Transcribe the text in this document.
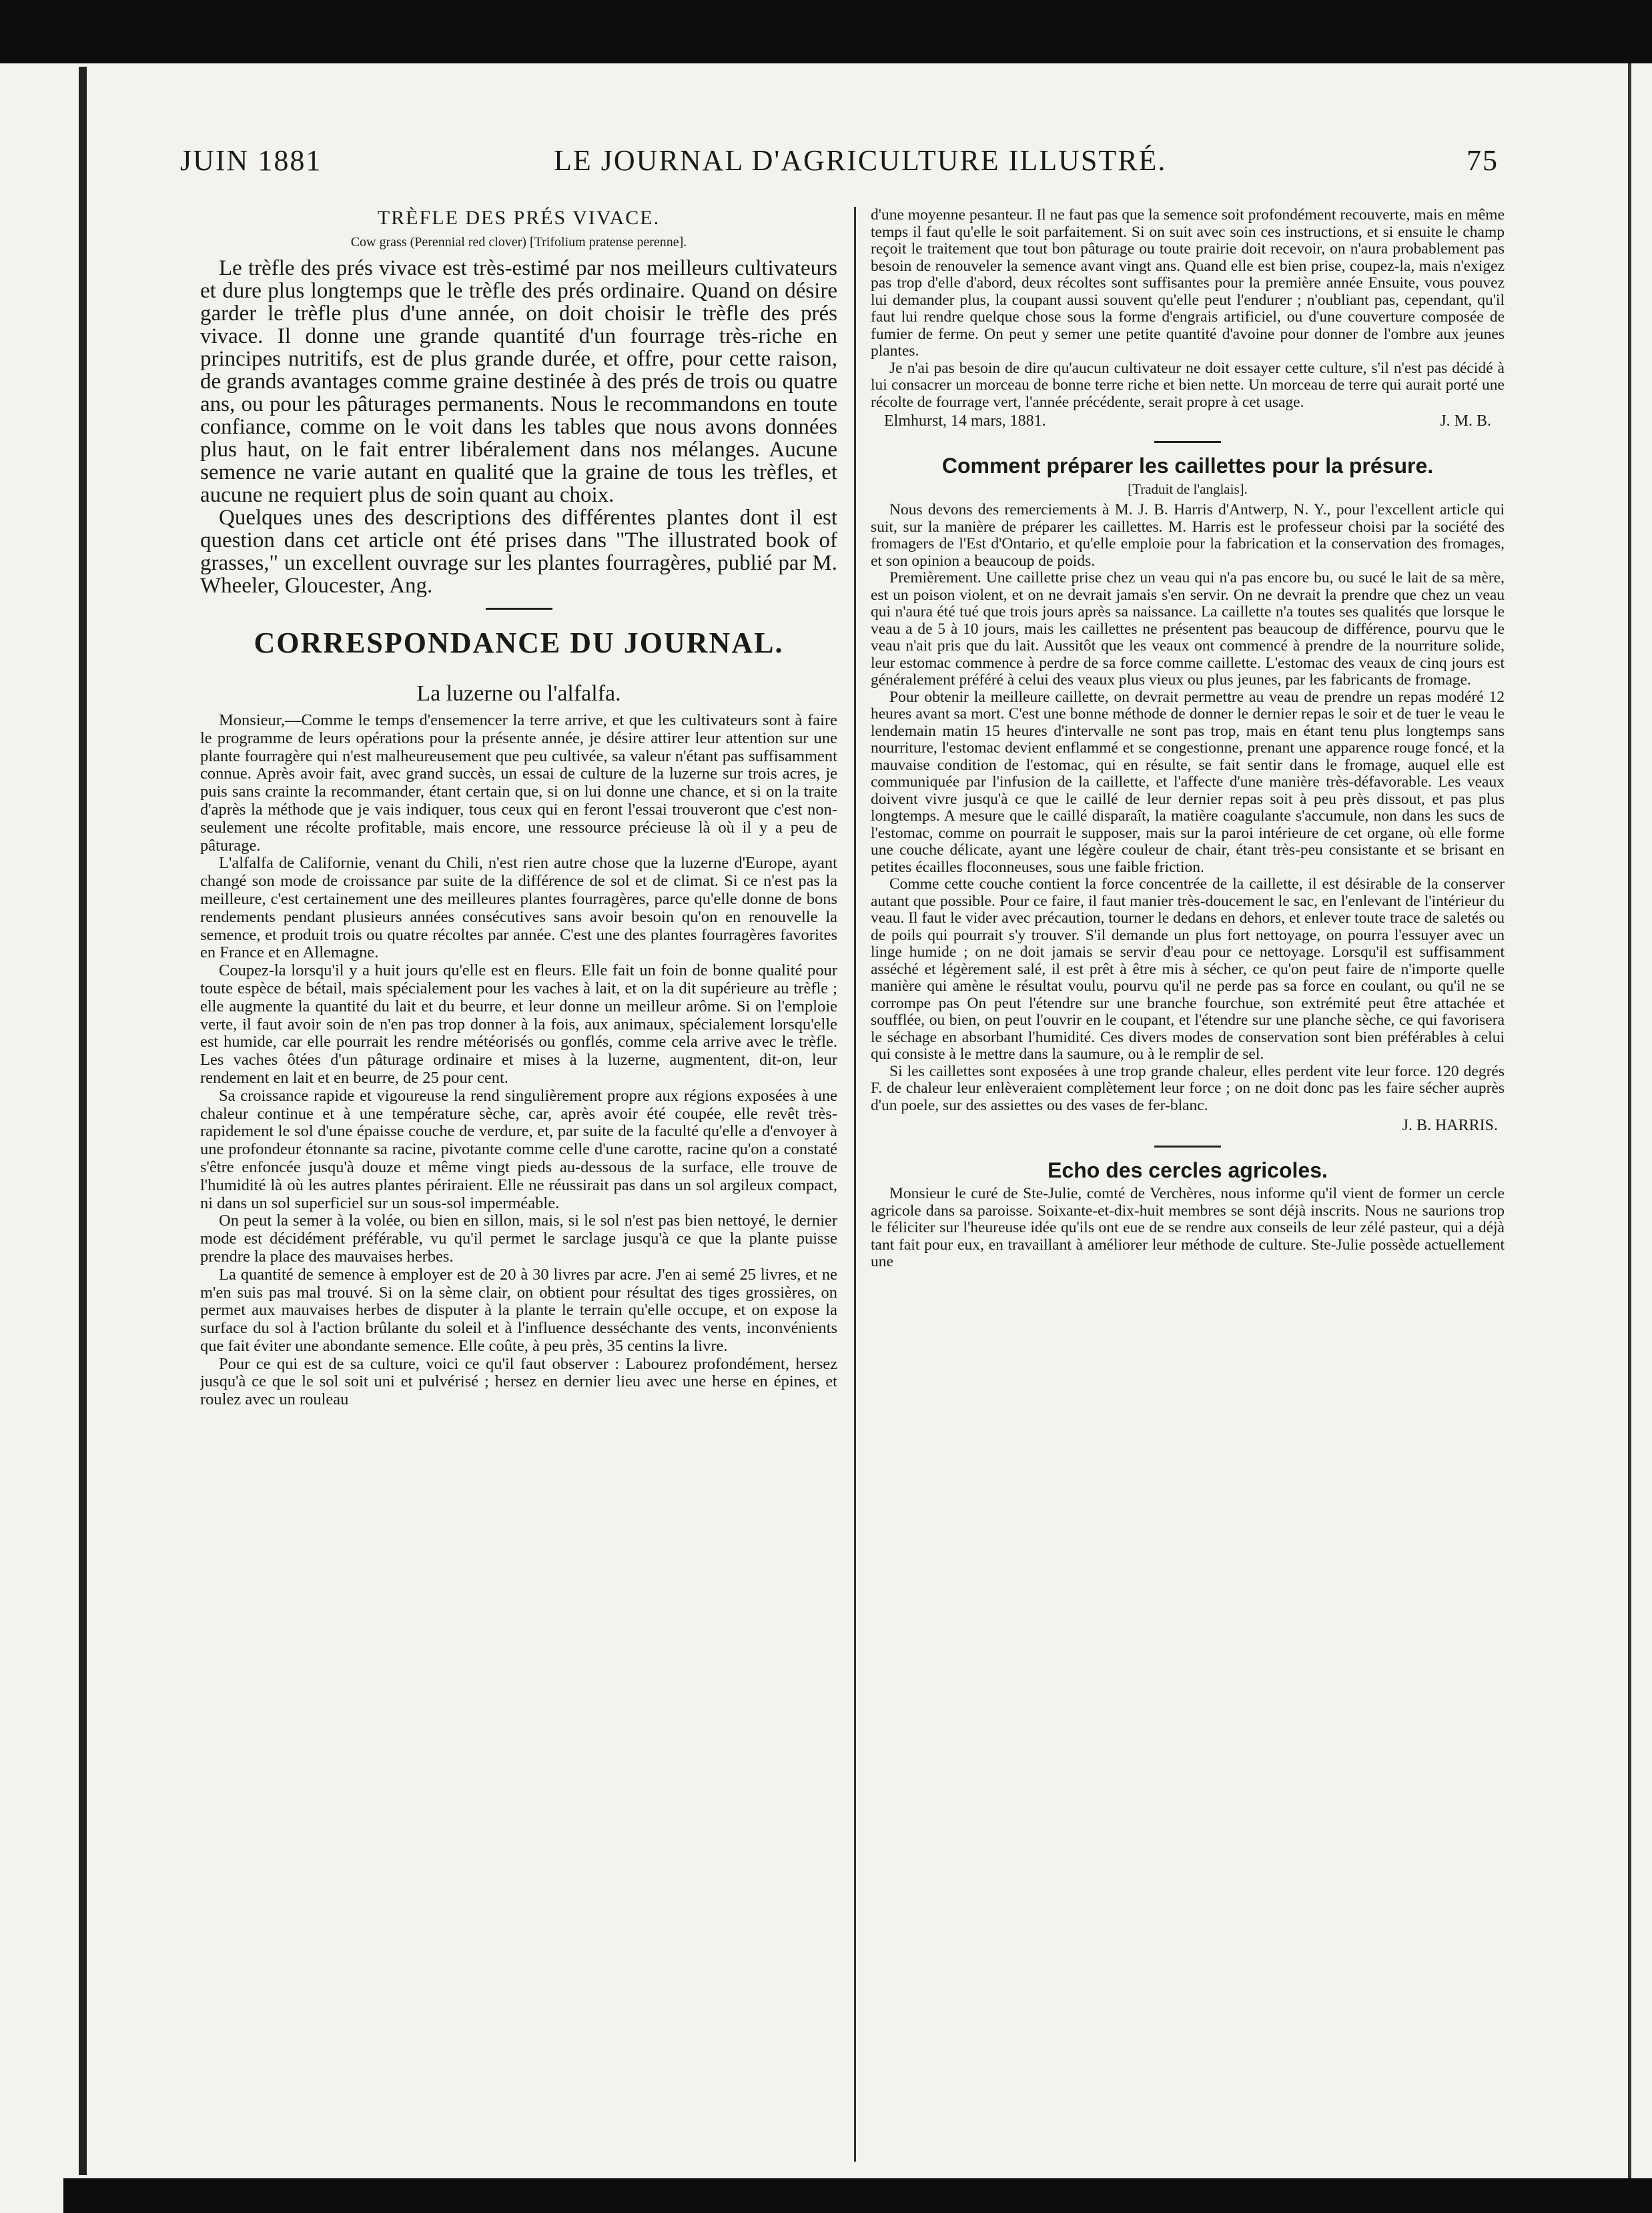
JUIN 1881	LE JOURNAL D'AGRICULTURE ILLUSTRÉ.	75
TRÈFLE DES PRÉS VIVACE.
Cow grass (Perennial red clover) [Trifolium pratense perenne].

Le trèfle des prés vivace est très-estimé par nos meilleurs cultivateurs et dure plus longtemps que le trèfle des prés ordinaire. Quand on désire garder le trèfle plus d'une année, on doit choisir le trèfle des prés vivace. Il donne une grande quantité d'un fourrage très-riche en principes nutritifs, est de plus grande durée, et offre, pour cette raison, de grands avantages comme graine destinée à des prés de trois ou quatre ans, ou pour les pâturages permanents. Nous le recommandons en toute confiance, comme on le voit dans les tables que nous avons données plus haut, on le fait entrer libéralement dans nos mélanges. Aucune semence ne varie autant en qualité que la graine de tous les trèfles, et aucune ne requiert plus de soin quant au choix.

Quelques unes des descriptions des différentes plantes dont il est question dans cet article ont été prises dans "The illustrated book of grasses," un excellent ouvrage sur les plantes fourragères, publié par M. Wheeler, Gloucester, Ang.

CORRESPONDANCE DU JOURNAL.
La luzerne ou l'alfalfa.

Monsieur,—Comme le temps d'ensemencer la terre arrive, et que les cultivateurs sont à faire le programme de leurs opérations pour la présente année, je désire attirer leur attention sur une plante fourragère qui n'est malheureusement que peu cultivée, sa valeur n'étant pas suffisamment connue. Après avoir fait, avec grand succès, un essai de culture de la luzerne sur trois acres, je puis sans crainte la recommander, étant certain que, si on lui donne une chance, et si on la traite d'après la méthode que je vais indiquer, tous ceux qui en feront l'essai trouveront que c'est non-seulement une récolte profitable, mais encore, une ressource précieuse là où il y a peu de pâturage.

L'alfalfa de Californie, venant du Chili, n'est rien autre chose que la luzerne d'Europe, ayant changé son mode de croissance par suite de la différence de sol et de climat. Si ce n'est pas la meilleure, c'est certainement une des meilleures plantes fourragères, parce qu'elle donne de bons rendements pendant plusieurs années consécutives sans avoir besoin qu'on en renouvelle la semence, et produit trois ou quatre récoltes par année. C'est une des plantes fourragères favorites en France et en Allemagne.

Coupez-la lorsqu'il y a huit jours qu'elle est en fleurs. Elle fait un foin de bonne qualité pour toute espèce de bétail, mais spécialement pour les vaches à lait, et on la dit supérieure au trèfle ; elle augmente la quantité du lait et du beurre, et leur donne un meilleur arôme. Si on l'emploie verte, il faut avoir soin de n'en pas trop donner à la fois, aux animaux, spécialement lorsqu'elle est humide, car elle pourrait les rendre météorisés ou gonflés, comme cela arrive avec le trèfle. Les vaches ôtées d'un pâturage ordinaire et mises à la luzerne, augmentent, dit-on, leur rendement en lait et en beurre, de 25 pour cent.

Sa croissance rapide et vigoureuse la rend singulièrement propre aux régions exposées à une chaleur continue et à une température sèche, car, après avoir été coupée, elle revêt très-rapidement le sol d'une épaisse couche de verdure, et, par suite de la faculté qu'elle a d'envoyer à une profondeur étonnante sa racine, pivotante comme celle d'une carotte, racine qu'on a constaté s'être enfoncée jusqu'à douze et même vingt pieds au-dessous de la surface, elle trouve de l'humidité là où les autres plantes périraient. Elle ne réussirait pas dans un sol argileux compact, ni dans un sol superficiel sur un sous-sol imperméable.

On peut la semer à la volée, ou bien en sillon, mais, si le sol n'est pas bien nettoyé, le dernier mode est décidément préférable, vu qu'il permet le sarclage jusqu'à ce que la plante puisse prendre la place des mauvaises herbes.

La quantité de semence à employer est de 20 à 30 livres par acre. J'en ai semé 25 livres, et ne m'en suis pas mal trouvé. Si on la sème clair, on obtient pour résultat des tiges grossières, on permet aux mauvaises herbes de disputer à la plante le terrain qu'elle occupe, et on expose la surface du sol à l'action brûlante du soleil et à l'influence desséchante des vents, inconvénients que fait éviter une abondante semence. Elle coûte, à peu près, 35 centins la livre.

Pour ce qui est de sa culture, voici ce qu'il faut observer : Labourez profondément, hersez jusqu'à ce que le sol soit uni et pulvérisé ; hersez en dernier lieu avec une herse en épines, et roulez avec un rouleau

d'une moyenne pesanteur. Il ne faut pas que la semence soit profondément recouverte, mais en même temps il faut qu'elle le soit parfaitement. Si on suit avec soin ces instructions, et si ensuite le champ reçoit le traitement que tout bon pâturage ou toute prairie doit recevoir, on n'aura probablement pas besoin de renouveler la semence avant vingt ans. Quand elle est bien prise, coupez-la, mais n'exigez pas trop d'elle d'abord, deux récoltes sont suffisantes pour la première année Ensuite, vous pouvez lui demander plus, la coupant aussi souvent qu'elle peut l'endurer ; n'oubliant pas, cependant, qu'il faut lui rendre quelque chose sous la forme d'engrais artificiel, ou d'une couverture composée de fumier de ferme. On peut y semer une petite quantité d'avoine pour donner de l'ombre aux jeunes plantes.

Je n'ai pas besoin de dire qu'aucun cultivateur ne doit essayer cette culture, s'il n'est pas décidé à lui consacrer un morceau de bonne terre riche et bien nette. Un morceau de terre qui aurait porté une récolte de fourrage vert, l'année précédente, serait propre à cet usage.

Elmhurst, 14 mars, 1881.	J. M. B.
Comment préparer les caillettes pour la présure.
[Traduit de l'anglais].

Nous devons des remerciements à M. J. B. Harris d'Antwerp, N. Y., pour l'excellent article qui suit, sur la manière de préparer les caillettes. M. Harris est le professeur choisi par la société des fromagers de l'Est d'Ontario, et qu'elle emploie pour la fabrication et la conservation des fromages, et son opinion a beaucoup de poids.

Premièrement. Une caillette prise chez un veau qui n'a pas encore bu, ou sucé le lait de sa mère, est un poison violent, et on ne devrait jamais s'en servir. On ne devrait la prendre que chez un veau qui n'aura été tué que trois jours après sa naissance. La caillette n'a toutes ses qualités que lorsque le veau a de 5 à 10 jours, mais les caillettes ne présentent pas beaucoup de différence, pourvu que le veau n'ait pris que du lait. Aussitôt que les veaux ont commencé à prendre de la nourriture solide, leur estomac commence à perdre de sa force comme caillette. L'estomac des veaux de cinq jours est généralement préféré à celui des veaux plus vieux ou plus jeunes, par les fabricants de fromage.

Pour obtenir la meilleure caillette, on devrait permettre au veau de prendre un repas modéré 12 heures avant sa mort. C'est une bonne méthode de donner le dernier repas le soir et de tuer le veau le lendemain matin 15 heures d'intervalle ne sont pas trop, mais en étant tenu plus longtemps sans nourriture, l'estomac devient enflammé et se congestionne, prenant une apparence rouge foncé, et la mauvaise condition de l'estomac, qui en résulte, se fait sentir dans le fromage, auquel elle est communiquée par l'infusion de la caillette, et l'affecte d'une manière très-défavorable. Les veaux doivent vivre jusqu'à ce que le caillé de leur dernier repas soit à peu près dissout, et pas plus longtemps. A mesure que le caillé disparaît, la matière coagulante s'accumule, non dans les sucs de l'estomac, comme on pourrait le supposer, mais sur la paroi intérieure de cet organe, où elle forme une couche délicate, ayant une légère couleur de chair, étant très-peu consistante et se brisant en petites écailles floconneuses, sous une faible friction.

Comme cette couche contient la force concentrée de la caillette, il est désirable de la conserver autant que possible. Pour ce faire, il faut manier très-doucement le sac, en l'enlevant de l'intérieur du veau. Il faut le vider avec précaution, tourner le dedans en dehors, et enlever toute trace de saletés ou de poils qui pourrait s'y trouver. S'il demande un plus fort nettoyage, on pourra l'essuyer avec un linge humide ; on ne doit jamais se servir d'eau pour ce nettoyage. Lorsqu'il est suffisamment asséché et légèrement salé, il est prêt à être mis à sécher, ce qu'on peut faire de n'importe quelle manière qui amène le résultat voulu, pourvu qu'il ne perde pas sa force en coulant, ou qu'il ne se corrompe pas On peut l'étendre sur une branche fourchue, son extrémité peut être attachée et soufflée, ou bien, on peut l'ouvrir en le coupant, et l'étendre sur une planche sèche, ce qui favorisera le séchage en absorbant l'humidité. Ces divers modes de conservation sont bien préférables à celui qui consiste à le mettre dans la saumure, ou à le remplir de sel.

Si les caillettes sont exposées à une trop grande chaleur, elles perdent vite leur force. 120 degrés F. de chaleur leur enlèveraient complètement leur force ; on ne doit donc pas les faire sécher auprès d'un poele, sur des assiettes ou des vases de fer-blanc.

J. B. HARRIS.
Echo des cercles agricoles.

Monsieur le curé de Ste-Julie, comté de Verchères, nous informe qu'il vient de former un cercle agricole dans sa paroisse. Soixante-et-dix-huit membres se sont déjà inscrits. Nous ne saurions trop le féliciter sur l'heureuse idée qu'ils ont eue de se rendre aux conseils de leur zélé pasteur, qui a déjà tant fait pour eux, en travaillant à améliorer leur méthode de culture. Ste-Julie possède actuellement une
